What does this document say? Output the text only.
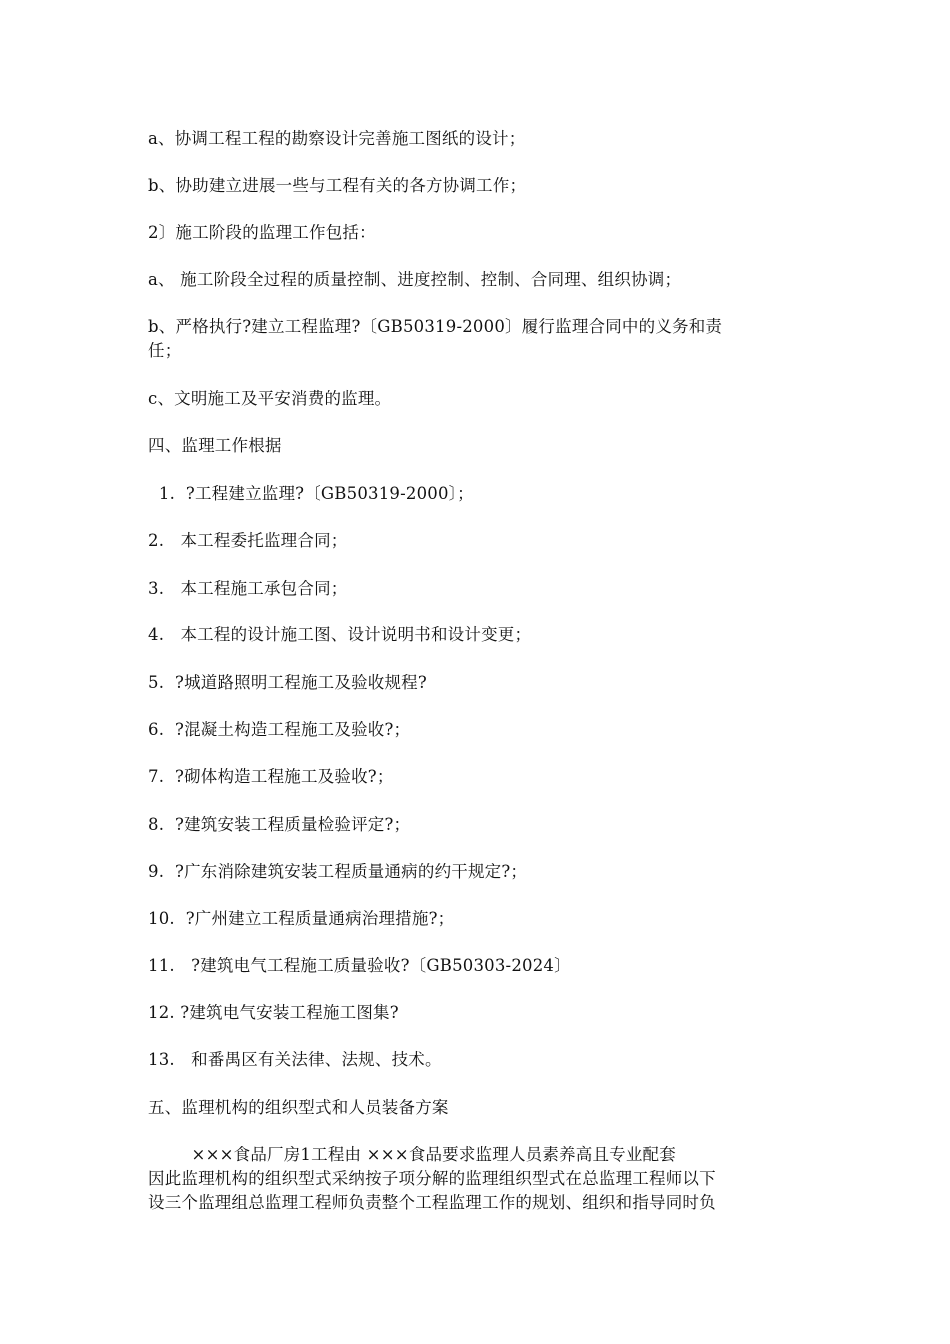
a、协调工程工程的勘察设计完善施工图纸的设计；
b、协助建立进展一些与工程有关的各方协调工作；
2〕施工阶段的监理工作包括：
a、 施工阶段全过程的质量控制、进度控制、控制、合同理、组织协调；
b、严格执行?建立工程监理?〔GB50319-2000〕履行监理合同中的义务和责
任；
c、文明施工及平安消费的监理。
四、监理工作根据
1.  ?工程建立监理?〔GB50319-2000〕；
2.   本工程委托监理合同；
3.   本工程施工承包合同；
4.   本工程的设计施工图、设计说明书和设计变更；
5.  ?城道路照明工程施工及验收规程?
6.  ?混凝土构造工程施工及验收?；
7.  ?砌体构造工程施工及验收?；
8.  ?建筑安装工程质量检验评定?；
9.  ?广东消除建筑安装工程质量通病的约干规定?；
10.  ?广州建立工程质量通病治理措施?；
11.   ?建筑电气工程施工质量验收?〔GB50303-2024〕
12. ?建筑电气安装工程施工图集?
13.   和番禺区有关法律、法规、技术。
五、监理机构的组织型式和人员装备方案
×××食品厂房1工程由 ×××食品要求监理人员素养高且专业配套
因此监理机构的组织型式采纳按子项分解的监理组织型式在总监理工程师以下
设三个监理组总监理工程师负责整个工程监理工作的规划、组织和指导同时负
